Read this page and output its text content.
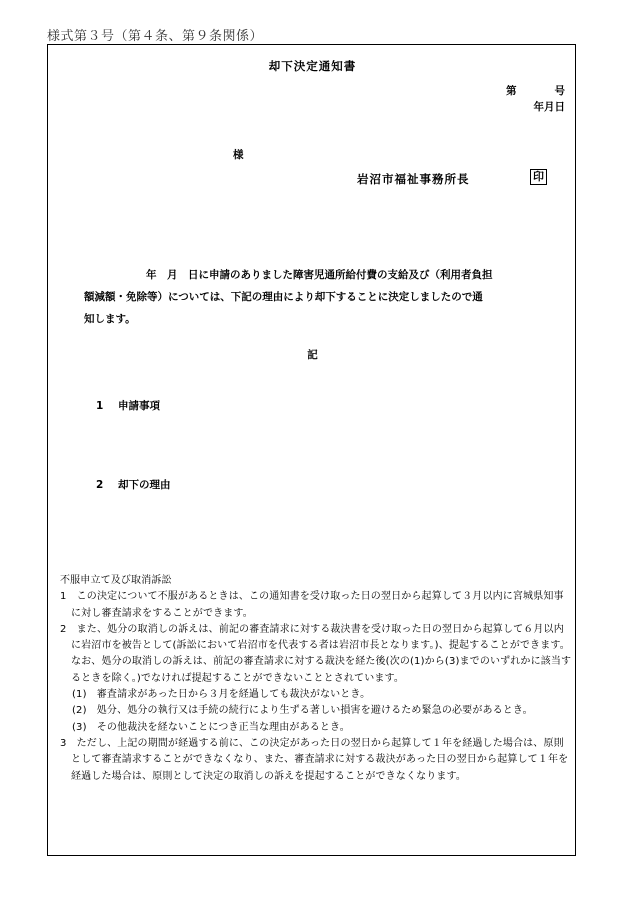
様式第３号（第４条、第９条関係）
却下決定通知書
第	号
年月日
様
岩沼市福祉事務所長	印
年　月　日に申請のありました障害児通所給付費の支給及び（利用者負担
額減額・免除等）については、下記の理由により却下することに決定しましたので通
知します。
記
1 申請事項
2 却下の理由
不服申立て及び取消訴訟
1　この決定について不服があるときは、この通知書を受け取った日の翌日から起算して３月以内に宮城県知事に対し審査請求をすることができます。
2　また、処分の取消しの訴えは、前記の審査請求に対する裁決書を受け取った日の翌日から起算して６月以内に岩沼市を被告として(訴訟において岩沼市を代表する者は岩沼市長となります。)、提起することができます。なお、処分の取消しの訴えは、前記の審査請求に対する裁決を経た後(次の(1)から(3)までのいずれかに該当するときを除く。)でなければ提起することができないこととされています。
(1)　審査請求があった日から３月を経過しても裁決がないとき。
(2)　処分、処分の執行又は手続の続行により生ずる著しい損害を避けるため緊急の必要があるとき。
(3)　その他裁決を経ないことにつき正当な理由があるとき。
3　ただし、上記の期間が経過する前に、この決定があった日の翌日から起算して１年を経過した場合は、原則として審査請求することができなくなり、また、審査請求に対する裁決があった日の翌日から起算して１年を経過した場合は、原則として決定の取消しの訴えを提起することができなくなります。
